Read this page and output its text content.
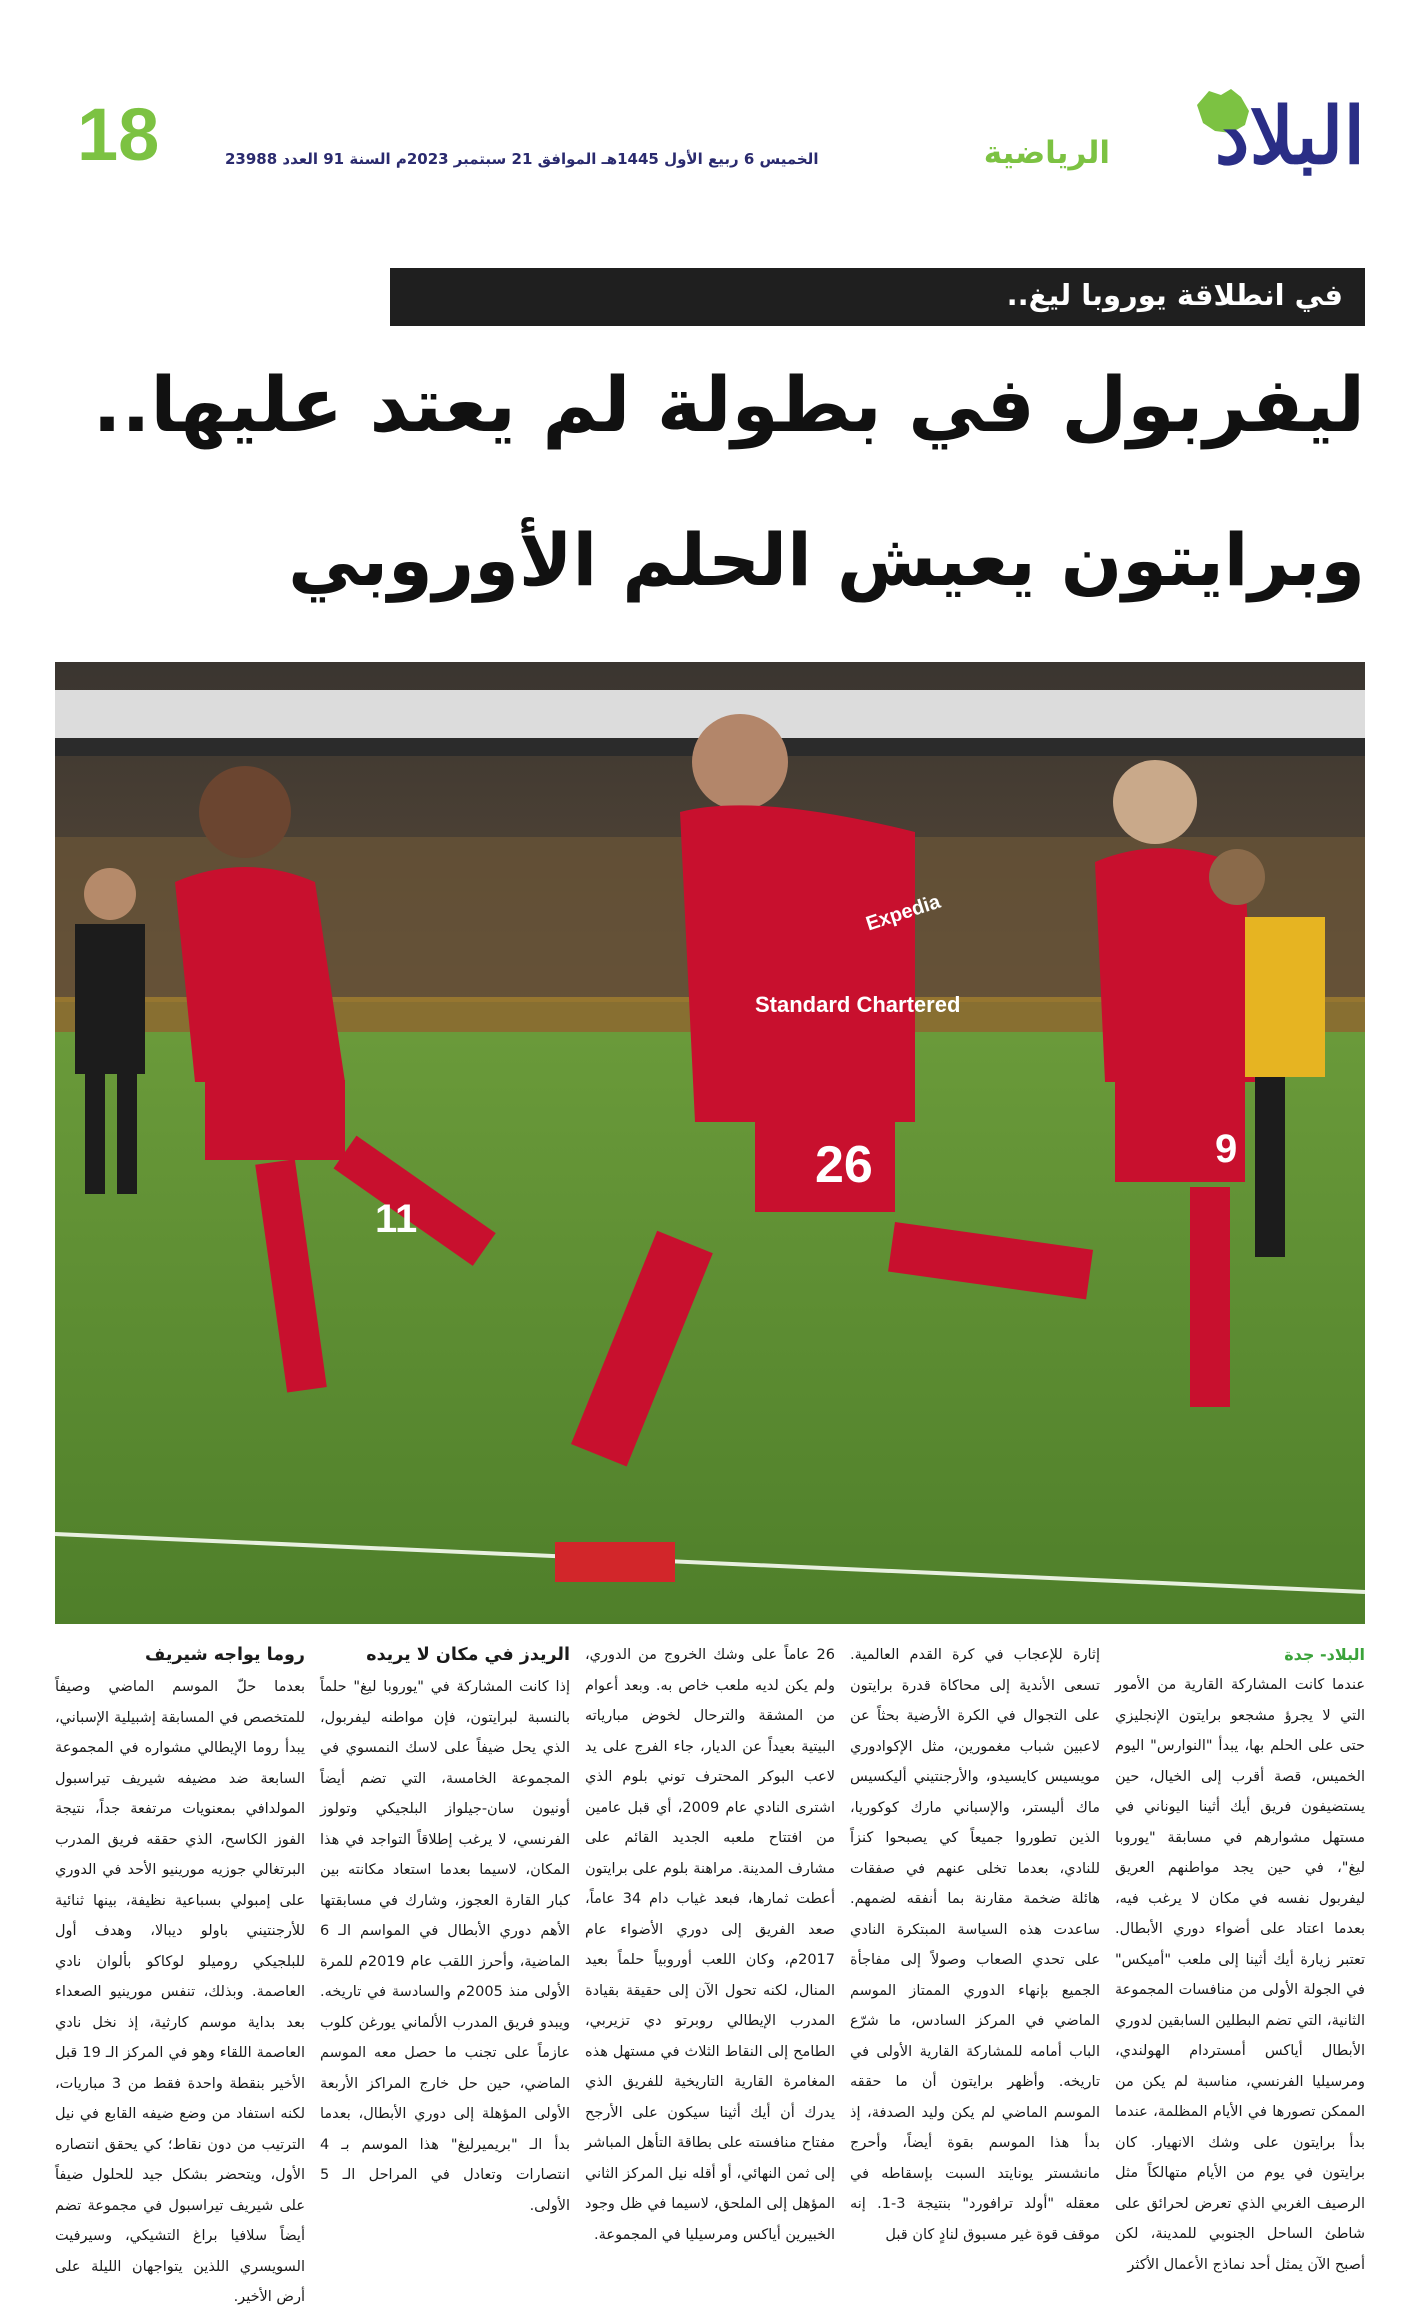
18	الخميس 6 ربيع الأول 1445هـ الموافق 21 سبتمبر 2023م السنة 91 العدد 23988	الرياضية البلاد
في انطلاقة يوروبا ليغ..
ليفربول في بطولة لم يعتد عليها..
وبرايتون يعيش الحلم الأوروبي
11
26	9
Standard Chartered
Expedia
البلاد- جدة

عندما كانت المشاركة القارية من الأمور التي لا يجرؤ مشجعو برايتون الإنجليزي حتى على الحلم بها، يبدأ "النوارس" اليوم الخميس، قصة أقرب إلى الخيال، حين يستضيفون فريق أيك أثينا اليوناني في مستهل مشوارهم في مسابقة "يوروبا ليغ"، في حين يجد مواطنهم العريق ليفربول نفسه في مكان لا يرغب فيه، بعدما اعتاد على أضواء دوري الأبطال. تعتبر زيارة أيك أثينا إلى ملعب "أميكس" في الجولة الأولى من منافسات المجموعة الثانية، التي تضم البطلين السابقين لدوري الأبطال أياكس أمستردام الهولندي، ومرسيليا الفرنسي، مناسبة لم يكن من الممكن تصورها في الأيام المظلمة، عندما بدأ برايتون على وشك الانهيار. كان برايتون في يوم من الأيام متهالكاً مثل الرصيف الغربي الذي تعرض لحرائق على شاطئ الساحل الجنوبي للمدينة، لكن أصبح الآن يمثل أحد نماذج الأعمال الأكثر

إثارة للإعجاب في كرة القدم العالمية. تسعى الأندية إلى محاكاة قدرة برايتون على التجوال في الكرة الأرضية بحثاً عن لاعبين شباب مغمورين، مثل الإكوادوري مويسيس كايسيدو، والأرجنتيني أليكسيس ماك أليستر، والإسباني مارك كوكوريا، الذين تطوروا جميعاً كي يصبحوا كنزاً للنادي، بعدما تخلى عنهم في صفقات هائلة ضخمة مقارنة بما أنفقه لضمهم. ساعدت هذه السياسة المبتكرة النادي على تحدي الصعاب وصولاً إلى مفاجأة الجميع بإنهاء الدوري الممتاز الموسم الماضي في المركز السادس، ما شرّع الباب أمامه للمشاركة القارية الأولى في تاريخه. وأظهر برايتون أن ما حققه الموسم الماضي لم يكن وليد الصدفة، إذ بدأ هذا الموسم بقوة أيضاً، وأحرج مانشستر يونايتد السبت بإسقاطه في معقله "أولد ترافورد" بنتيجة 3-1. إنه موقف قوة غير مسبوق لنادٍ كان قبل

26 عاماً على وشك الخروج من الدوري، ولم يكن لديه ملعب خاص به. وبعد أعوام من المشقة والترحال لخوض مبارياته البيتية بعيداً عن الديار، جاء الفرج على يد لاعب البوكر المحترف توني بلوم الذي اشترى النادي عام 2009، أي قبل عامين من افتتاح ملعبه الجديد القائم على مشارف المدينة. مراهنة بلوم على برايتون أعطت ثمارها، فبعد غياب دام 34 عاماً، صعد الفريق إلى دوري الأضواء عام 2017م، وكان اللعب أوروبياً حلماً بعيد المنال، لكنه تحول الآن إلى حقيقة بقيادة المدرب الإيطالي روبرتو دي تزيربي، الطامح إلى النقاط الثلاث في مستهل هذه المغامرة القارية التاريخية للفريق الذي يدرك أن أيك أثينا سيكون على الأرجح مفتاح منافسته على بطاقة التأهل المباشر إلى ثمن النهائي، أو أقله نيل المركز الثاني المؤهل إلى الملحق، لاسيما في ظل وجود الخبيرين أياكس ومرسيليا في المجموعة.

الريدز في مكان لا يريده

إذا كانت المشاركة في "يوروبا ليغ" حلماً بالنسبة لبرايتون، فإن مواطنه ليفربول، الذي يحل ضيفاً على لاسك النمسوي في المجموعة الخامسة، التي تضم أيضاً أونيون سان-جيلواز البلجيكي وتولوز الفرنسي، لا يرغب إطلاقاً التواجد في هذا المكان، لاسيما بعدما استعاد مكانته بين كبار القارة العجوز، وشارك في مسابقتها الأهم دوري الأبطال في المواسم الـ 6 الماضية، وأحرز اللقب عام 2019م للمرة الأولى منذ 2005م والسادسة في تاريخه. ويبدو فريق المدرب الألماني يورغن كلوب عازماً على تجنب ما حصل معه الموسم الماضي، حين حل خارج المراكز الأربعة الأولى المؤهلة إلى دوري الأبطال، بعدما بدأ الـ "بريميرليغ" هذا الموسم بـ 4 انتصارات وتعادل في المراحل الـ 5 الأولى.

روما يواجه شيريف

بعدما حلّ الموسم الماضي وصيفاً للمتخصص في المسابقة إشبيلية الإسباني، يبدأ روما الإيطالي مشواره في المجموعة السابعة ضد مضيفه شيريف تيراسبول المولدافي بمعنويات مرتفعة جداً، نتيجة الفوز الكاسح، الذي حققه فريق المدرب البرتغالي جوزيه مورينيو الأحد في الدوري على إمبولي بسباعية نظيفة، بينها ثنائية للأرجنتيني باولو ديبالا، وهدف أول للبلجيكي روميلو لوكاكو بألوان نادي العاصمة. وبذلك، تنفس مورينيو الصعداء بعد بداية موسم كارثية، إذ نخل نادي العاصمة اللقاء وهو في المركز الـ 19 قبل الأخير بنقطة واحدة فقط من 3 مباريات، لكنه استفاد من وضع ضيفه القابع في نيل الترتيب من دون نقاط؛ كي يحقق انتصاره الأول، ويتحضر بشكل جيد للحلول ضيفاً على شيريف تيراسبول في مجموعة تضم أيضاً سلافيا براغ التشيكي، وسيرفيت السويسري اللذين يتواجهان الليلة على أرض الأخير.
